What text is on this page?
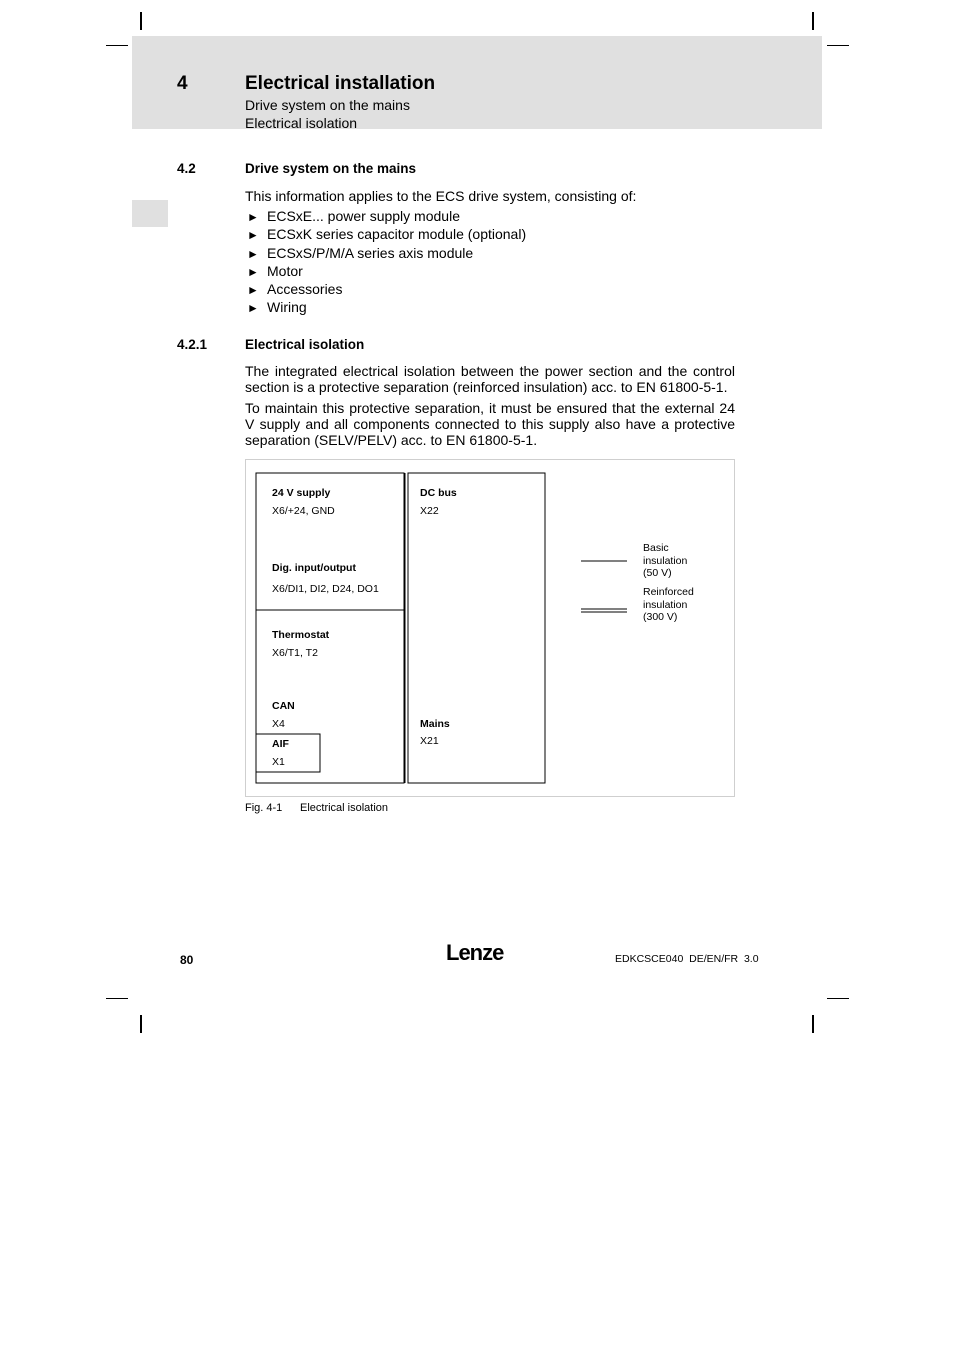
4	Electrical installation
Drive system on the mains
Electrical isolation
4.2	Drive system on the mains
This information applies to the ECS drive system, consisting of:
► ECSxE... power supply module
► ECSxK series capacitor module (optional)
► ECSxS/P/M/A series axis module
► Motor
► Accessories
► Wiring
4.2.1	Electrical isolation
The integrated electrical isolation between the power section and the control section is a protective separation (reinforced insulation) acc. to EN 61800-5-1.
To maintain this protective separation, it must be ensured that the external 24 V supply and all components connected to this supply also have a protective separation (SELV/PELV) acc. to EN 61800-5-1.
24 V supply
X6/+24, GND
Dig. input/output
X6/DI1, DI2, D24, DO1
Thermostat
X6/T1, T2
CAN
X4
AIF
X1
DC bus
X22
Mains
X21
Basic
insulation
(50 V)
Reinforced
insulation
(300 V)
Fig. 4-1 Electrical isolation
80	Lenze	EDKCSCE040  DE/EN/FR  3.0
